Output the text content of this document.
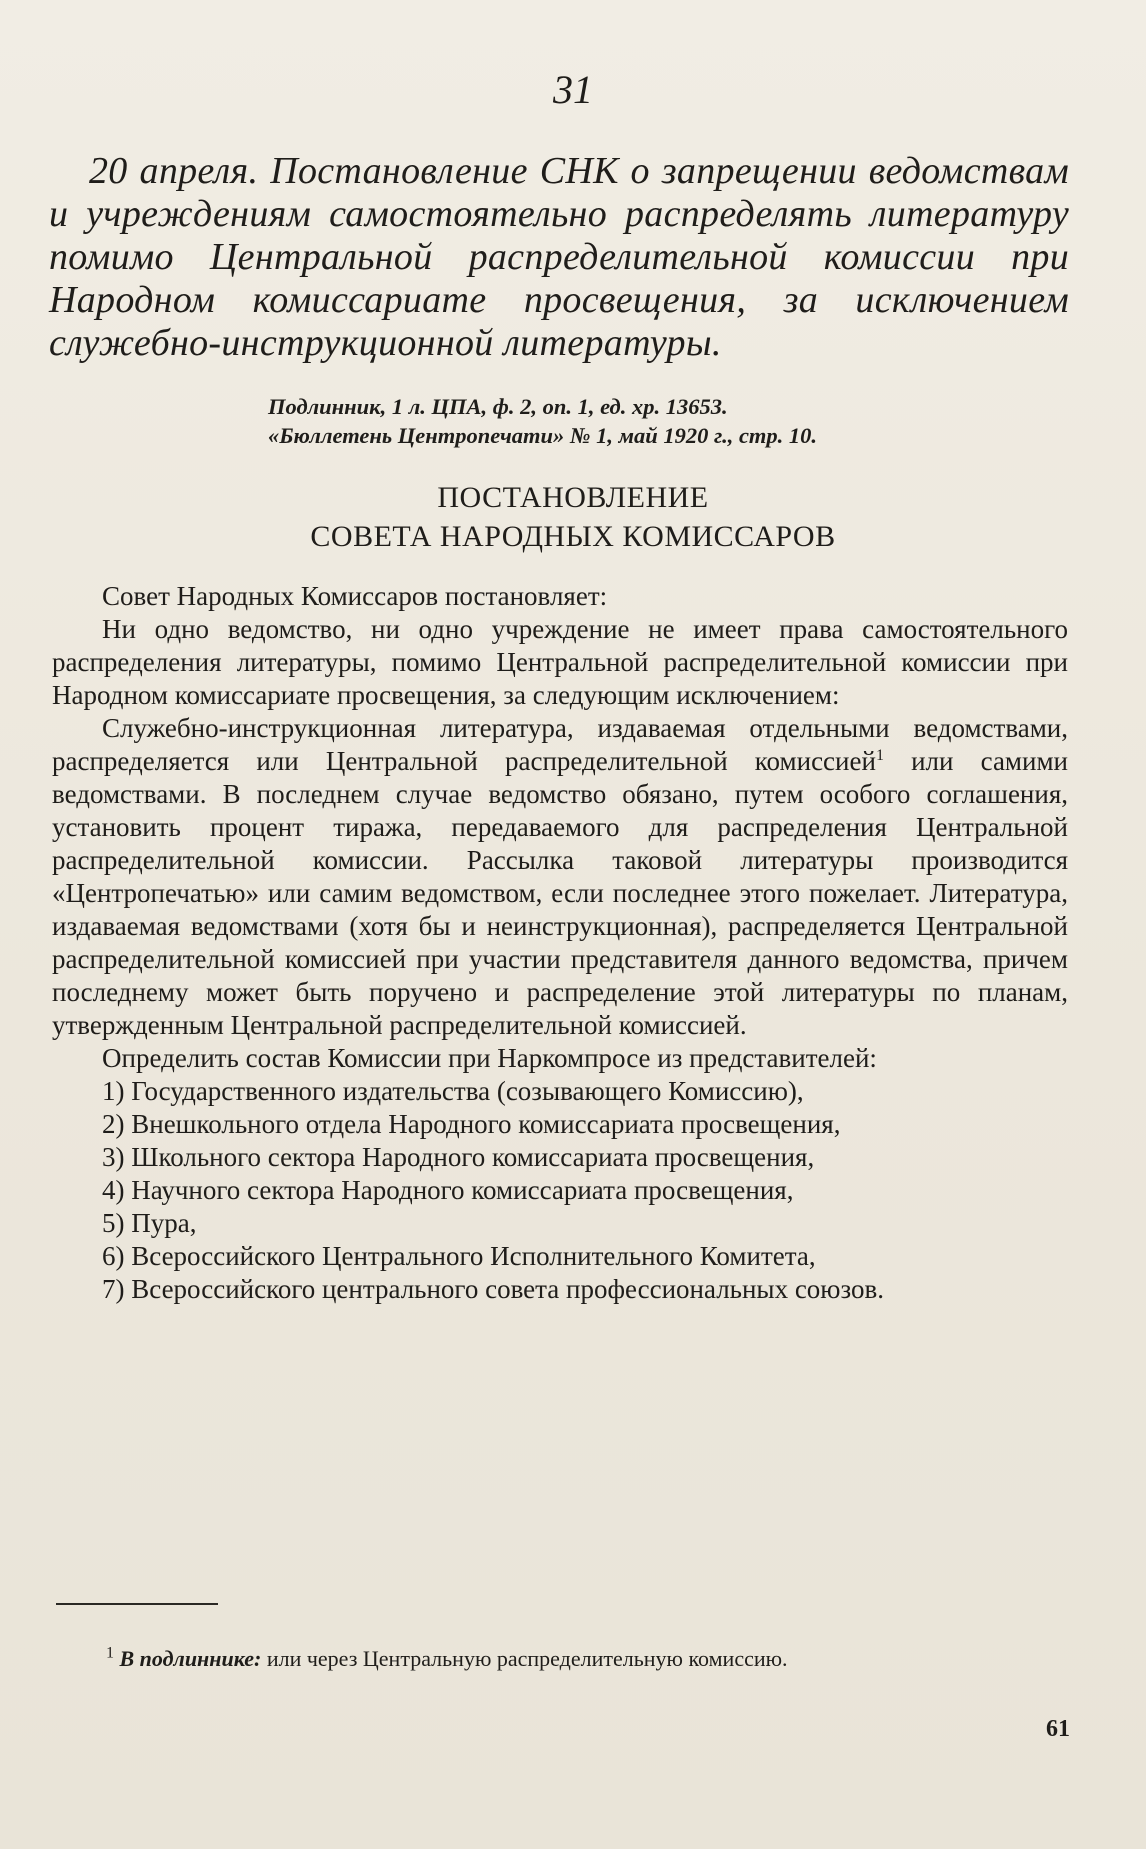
31
20 апреля. Постановление СНК о запрещении ведомствам и учреждениям самостоятельно распределять литературу помимо Центральной распределительной комиссии при Народном комиссариате просвещения, за исключением служебно-инструкционной литературы.
Подлинник, 1 л. ЦПА, ф. 2, оп. 1, ед. хр. 13653.
«Бюллетень Центропечати» № 1, май 1920 г., стр. 10.
ПОСТАНОВЛЕНИЕ
СОВЕТА НАРОДНЫХ КОМИССАРОВ

Совет Народных Комиссаров постановляет:

Ни одно ведомство, ни одно учреждение не имеет права самостоятельного распределения литературы, помимо Центральной распределительной комиссии при Народном комиссариате просвещения, за следующим исключением:

Служебно-инструкционная литература, издаваемая отдельными ведомствами, распределяется или Центральной распределительной комиссией$^1$ или самими ведомствами. В последнем случае ведомство обязано, путем особого соглашения, установить процент тиража, передаваемого для распределения Центральной распределительной комиссии. Рассылка таковой литературы производится «Центропечатью» или самим ведомством, если последнее этого пожелает. Литература, издаваемая ведомствами (хотя бы и неинструкционная), распределяется Центральной распределительной комиссией при участии представителя данного ведомства, причем последнему может быть поручено и распределение этой литературы по планам, утвержденным Центральной распределительной комиссией.

Определить состав Комиссии при Наркомпросе из представителей:

1) Государственного издательства (созывающего Комиссию),

2) Внешкольного отдела Народного комиссариата просвещения,

3) Школьного сектора Народного комиссариата просвещения,

4) Научного сектора Народного комиссариата просвещения,

5) Пура,

6) Всероссийского Центрального Исполнительного Комитета,

7) Всероссийского центрального совета профессиональных союзов.

$^1$ В подлиннике: или через Центральную распределительную комиссию.
61
